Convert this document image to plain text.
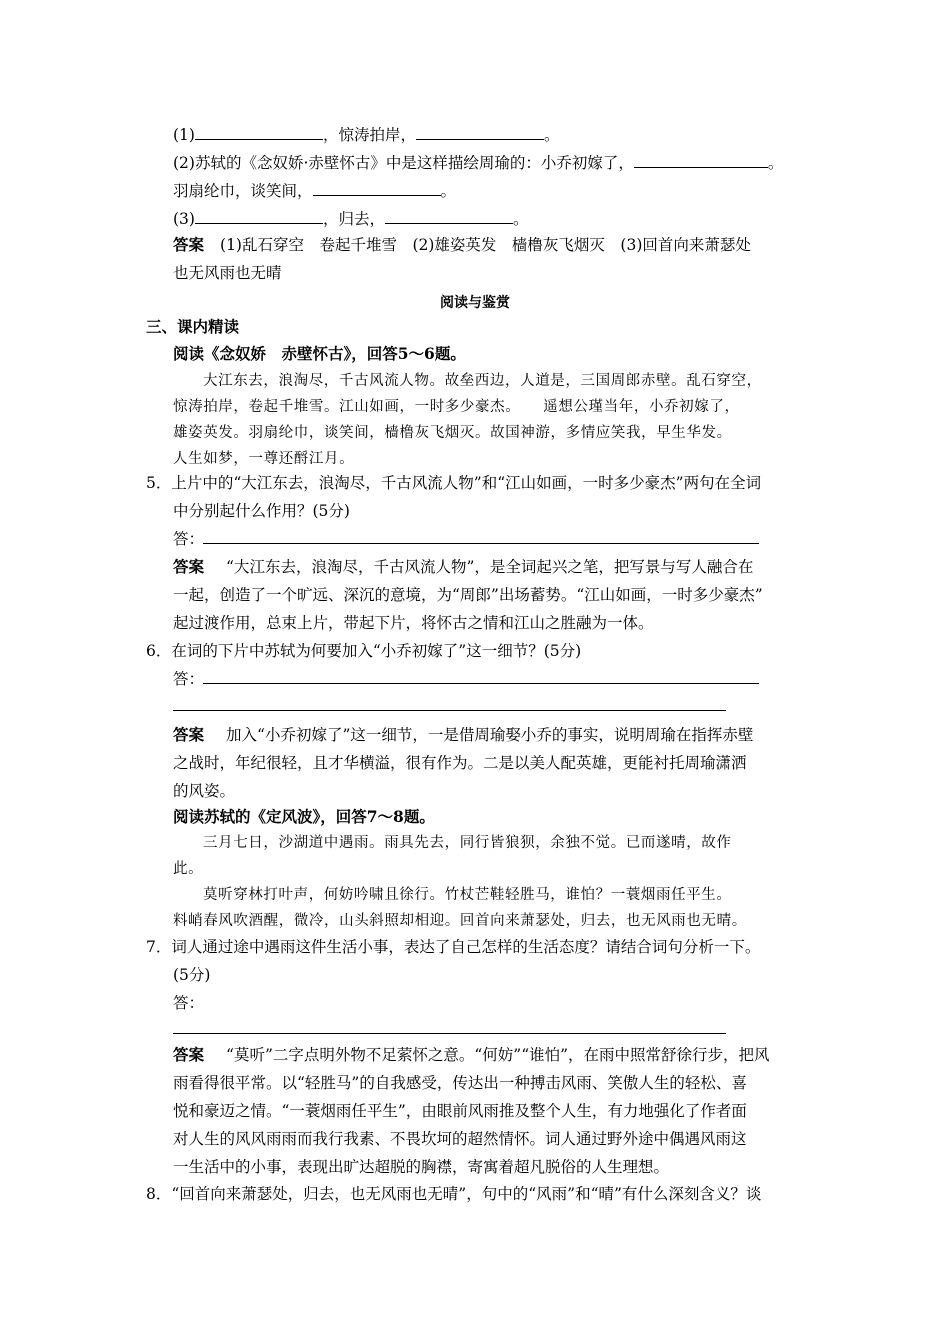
(1)	，惊涛拍岸，	。
(2)苏轼的《念奴娇·赤壁怀古》中是这样描绘周瑜的：小乔初嫁了，	。
羽扇纶巾，谈笑间，	。
(3)	，归去，	。
答案 (1)乱石穿空　卷起千堆雪　(2)雄姿英发　樯橹灰飞烟灭　(3)回首向来萧瑟处
也无风雨也无晴
阅读与鉴赏
三、课内精读
阅读《念奴娇　赤壁怀古》，回答5～6题。
大江东去，浪淘尽，千古风流人物。故垒西边，人道是，三国周郎赤壁。乱石穿空，
惊涛拍岸，卷起千堆雪。江山如画，一时多少豪杰。　　遥想公瑾当年，小乔初嫁了，
雄姿英发。羽扇纶巾，谈笑间，樯橹灰飞烟灭。故国神游，多情应笑我，早生华发。
人生如梦，一尊还酹江月。
5．上片中的“大江东去，浪淘尽，千古风流人物”和“江山如画，一时多少豪杰”两句在全词
中分别起什么作用？(5分)
答：
答案 “大江东去，浪淘尽，千古风流人物”，是全词起兴之笔，把写景与写人融合在
一起，创造了一个旷远、深沉的意境，为“周郎”出场蓄势。“江山如画，一时多少豪杰”
起过渡作用，总束上片，带起下片，将怀古之情和江山之胜融为一体。
6．在词的下片中苏轼为何要加入“小乔初嫁了”这一细节？(5分)
答：
答案 加入“小乔初嫁了”这一细节，一是借周瑜娶小乔的事实，说明周瑜在指挥赤壁
之战时，年纪很轻，且才华横溢，很有作为。二是以美人配英雄，更能衬托周瑜潇洒
的风姿。
阅读苏轼的《定风波》，回答7～8题。
三月七日，沙湖道中遇雨。雨具先去，同行皆狼狈，余独不觉。已而遂晴，故作
此。
莫听穿林打叶声，何妨吟啸且徐行。竹杖芒鞋轻胜马，谁怕？一蓑烟雨任平生。
料峭春风吹酒醒，微冷，山头斜照却相迎。回首向来萧瑟处，归去，也无风雨也无晴。
7．词人通过途中遇雨这件生活小事，表达了自己怎样的生活态度？请结合词句分析一下。
(5分)
答：
答案 “莫听”二字点明外物不足萦怀之意。“何妨”“谁怕”，在雨中照常舒徐行步，把风
雨看得很平常。以“轻胜马”的自我感受，传达出一种搏击风雨、笑傲人生的轻松、喜
悦和豪迈之情。“一蓑烟雨任平生”，由眼前风雨推及整个人生，有力地强化了作者面
对人生的风风雨雨而我行我素、不畏坎坷的超然情怀。词人通过野外途中偶遇风雨这
一生活中的小事，表现出旷达超脱的胸襟，寄寓着超凡脱俗的人生理想。
8．“回首向来萧瑟处，归去，也无风雨也无晴”，句中的“风雨”和“晴”有什么深刻含义？谈
